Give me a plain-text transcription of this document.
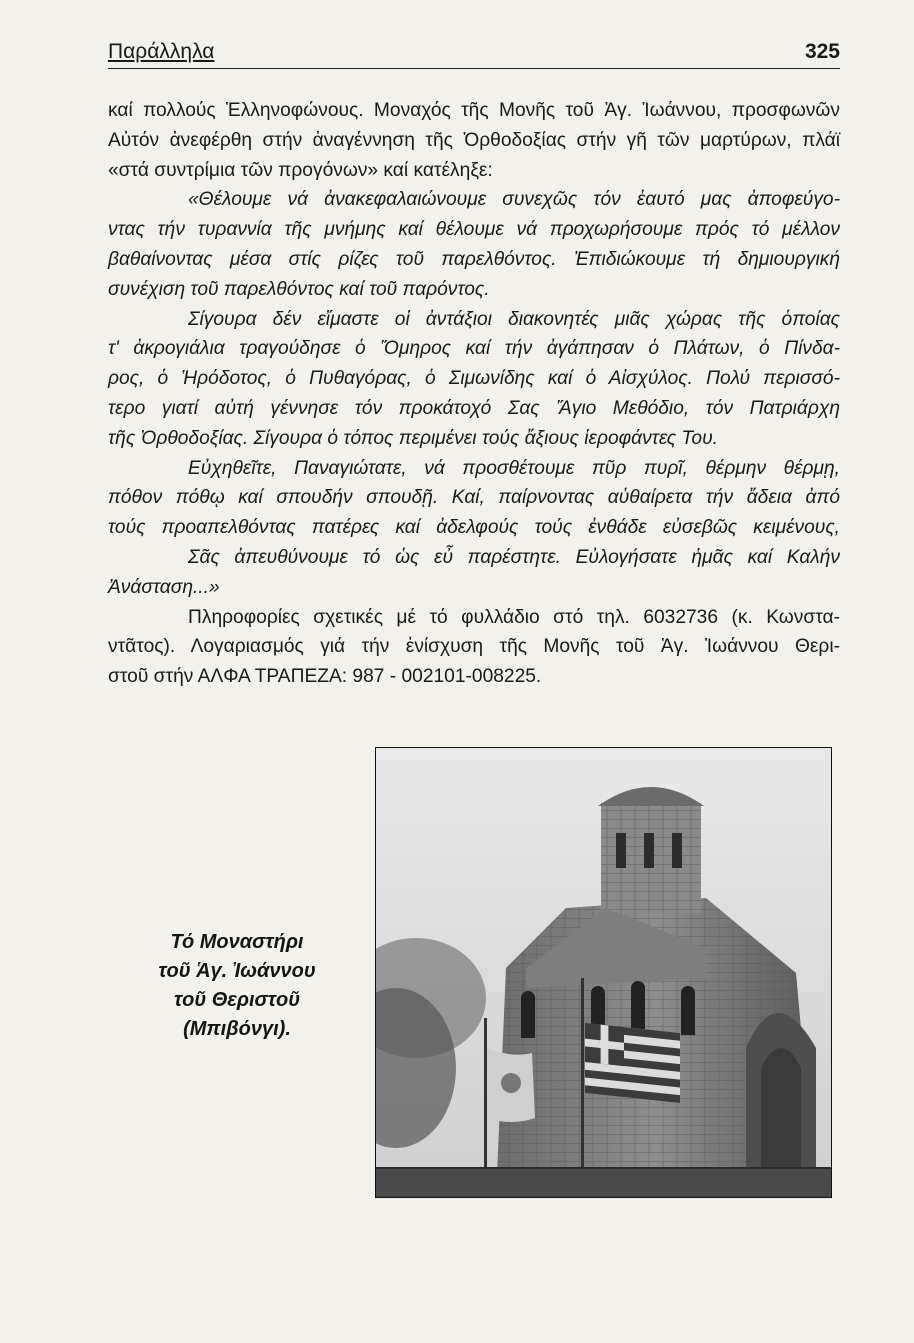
Παράλληλα	325
καί πολλούς Ἑλληνοφώνους. Μοναχός τῆς Μονῆς τοῦ Ἁγ. Ἰωάννου, προσφωνῶν
Αὐτόν ἀνεφέρθη στήν ἀναγέννηση τῆς Ὀρθοδοξίας στήν γῆ τῶν μαρτύρων, πλάϊ
«στά συντρίμια τῶν προγόνων» καί κατέληξε:
«Θέλουμε νά ἀνακεφαλαιώνουμε συνεχῶς τόν ἑαυτό μας ἀποφεύγο-
ντας τήν τυραννία τῆς μνήμης καί θέλουμε νά προχωρήσουμε πρός τό μέλλον
βαθαίνοντας μέσα στίς ρίζες τοῦ παρελθόντος. Ἐπιδιώκουμε τή δημιουργική
συνέχιση τοῦ παρελθόντος καί τοῦ παρόντος.
Σίγουρα δέν εἴμαστε οἱ ἀντάξιοι διακονητές μιᾶς χώρας τῆς ὁποίας
τ' ἀκρογιάλια τραγούδησε ὁ Ὅμηρος καί τήν ἀγάπησαν ὁ Πλάτων, ὁ Πίνδα-
ρος, ὁ Ἡρόδοτος, ὁ Πυθαγόρας, ὁ Σιμωνίδης καί ὁ Αἰσχύλος. Πολύ περισσό-
τερο γιατί αὐτή γέννησε τόν προκάτοχό Σας Ἅγιο Μεθόδιο, τόν Πατριάρχη
τῆς Ὀρθοδοξίας. Σίγουρα ὁ τόπος περιμένει τούς ἄξιους ἱεροφάντες Του.
Εὐχηθεῖτε, Παναγιώτατε, νά προσθέτουμε πῦρ πυρῖ, θέρμην θέρμῃ,
πόθον πόθῳ καί σπουδήν σπουδῇ. Καί, παίρνοντας αὐθαίρετα τήν ἄδεια ἀπό
τούς προαπελθόντας πατέρες καί ἀδελφούς τούς ἐνθάδε εὐσεβῶς κειμένους,
Σᾶς ἀπευθύνουμε τό ὡς εὖ παρέστητε. Εὐλογήσατε ἡμᾶς καί Καλήν
Ἀνάσταση...»
Πληροφορίες σχετικές μέ τό φυλλάδιο στό τηλ. 6032736 (κ. Κωνστα-
ντᾶτος). Λογαριασμός γιά τήν ἐνίσχυση τῆς Μονῆς τοῦ Ἁγ. Ἰωάννου Θερι-
στοῦ στήν ΑΛΦΑ ΤΡΑΠΕΖΑ: 987 - 002101-008225.
Τό Μοναστήρι
τοῦ Ἁγ. Ἰωάννου
τοῦ Θεριστοῦ
(Μπιβόνγι).
